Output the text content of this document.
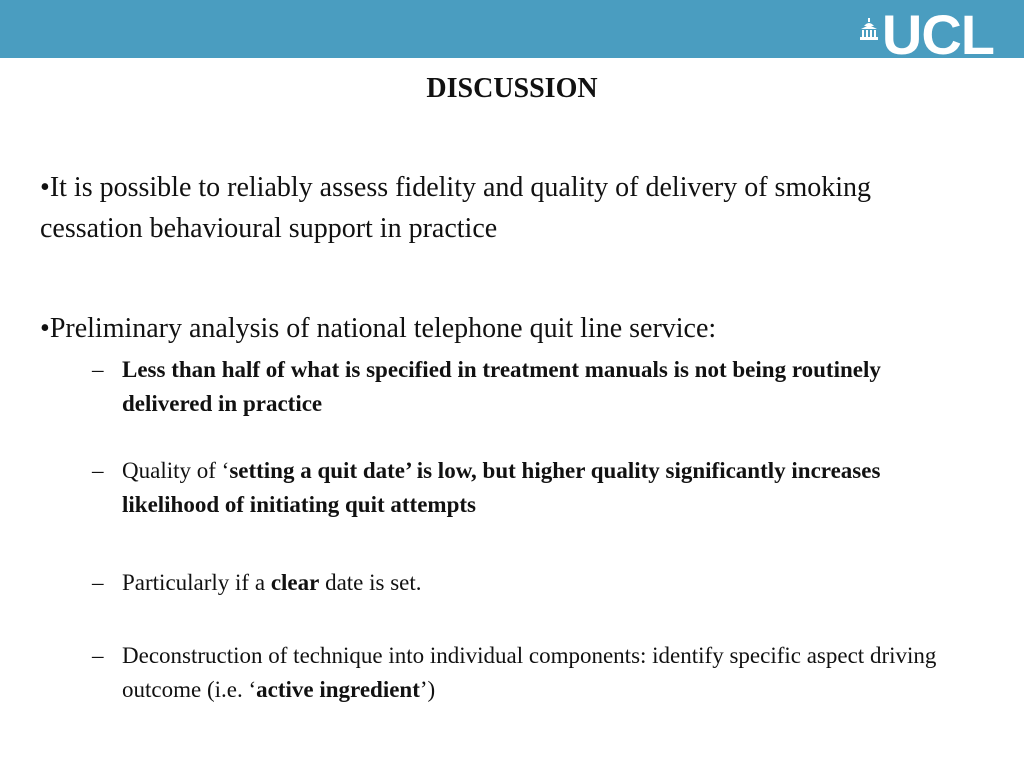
UCL
DISCUSSION
•It is possible to reliably assess fidelity and quality of delivery of smoking cessation behavioural support in practice
•Preliminary analysis of national telephone quit line service:
– Less than half of what is specified in treatment manuals is not being routinely delivered in practice
– Quality of ‘setting a quit date’ is low, but higher quality significantly increases likelihood of initiating quit attempts
– Particularly if a clear date is set.
– Deconstruction of technique into individual components: identify specific aspect driving outcome (i.e. ‘active ingredient’)
